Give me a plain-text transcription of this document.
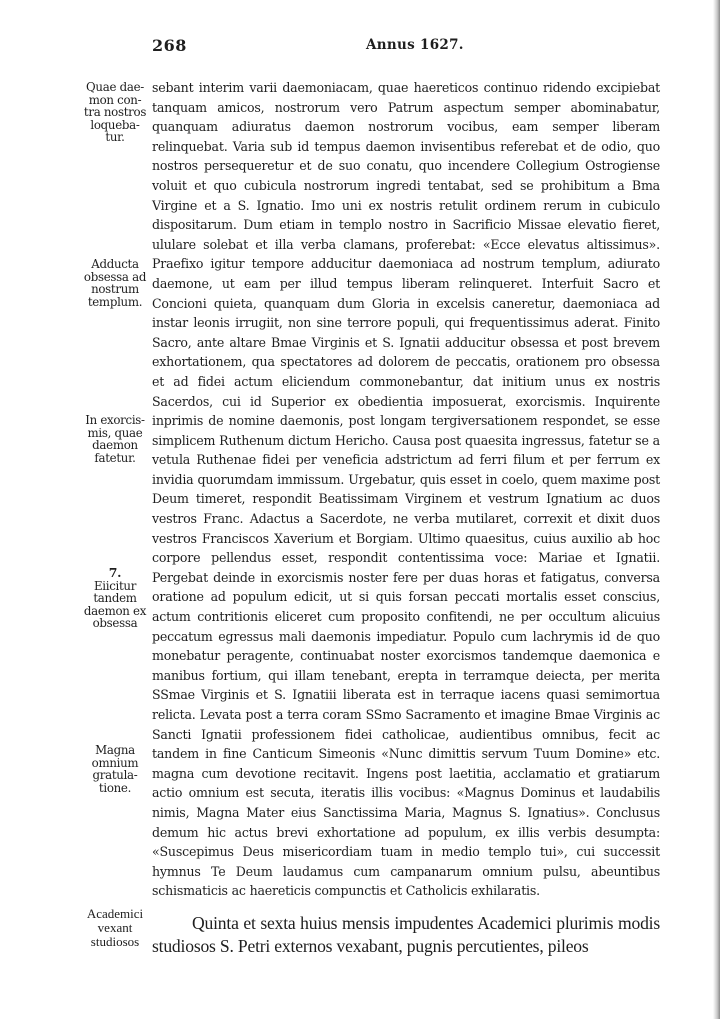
268	Annus 1627.

sebant interim varii daemoniacam, quae haereticos continuo ridendo excipiebat tanquam amicos, nostrorum vero Patrum aspectum semper abominabatur, quanquam adiuratus daemon nostrorum vocibus, eam semper liberam relinquebat. Varia sub id tempus daemon invisentibus referebat et de odio, quo nostros persequeretur et de suo conatu, quo incendere Collegium Ostrogiense voluit et quo cubicula nostrorum ingredi tentabat, sed se prohibitum a Bma Virgine et a S. Ignatio. Imo uni ex nostris retulit ordinem rerum in cubiculo dispositarum. Dum etiam in templo nostro in Sacrificio Missae elevatio fieret, ululare solebat et illa verba clamans, proferebat: «Ecce elevatus altissimus». Praefixo igitur tempore adducitur daemoniaca ad nostrum templum, adiurato daemone, ut eam per illud tempus liberam relinqueret. Interfuit Sacro et Concioni quieta, quanquam dum Gloria in excelsis caneretur, daemoniaca ad instar leonis irrugiit, non sine terrore populi, qui frequentissimus aderat. Finito Sacro, ante altare Bmae Virginis et S. Ignatii adducitur obsessa et post brevem exhortationem, qua spectatores ad dolorem de peccatis, orationem pro obsessa et ad fidei actum eliciendum commonebantur, dat initium unus ex nostris Sacerdos, cui id Superior ex obedientia imposuerat, exorcismis. Inquirente inprimis de nomine daemonis, post longam tergiversationem respondet, se esse simplicem Ruthenum dictum Hericho. Causa post quaesita ingressus, fatetur se a vetula Ruthenae fidei per veneficia adstrictum ad ferri filum et per ferrum ex invidia quorumdam immissum. Urgebatur, quis esset in coelo, quem maxime post Deum timeret, respondit Beatissimam Virginem et vestrum Ignatium ac duos vestros Franc. Adactus a Sacerdote, ne verba mutilaret, correxit et dixit duos vestros Franciscos Xaverium et Borgiam. Ultimo quaesitus, cuius auxilio ab hoc corpore pellendus esset, respondit contentissima voce: Mariae et Ignatii. Pergebat deinde in exorcismis noster fere per duas horas et fatigatus, conversa oratione ad populum edicit, ut si quis forsan peccati mortalis esset conscius, actum contritionis eliceret cum proposito confitendi, ne per occultum alicuius peccatum egressus mali daemonis impediatur. Populo cum lachrymis id de quo monebatur peragente, continuabat noster exorcismos tandemque daemonica e manibus fortium, qui illam tenebant, erepta in terramque deiecta, per merita SSmae Virginis et S. Ignatiii liberata est in terraque iacens quasi semimortua relicta. Levata post a terra coram SSmo Sacramento et imagine Bmae Virginis ac Sancti Ignatii professionem fidei catholicae, audientibus omnibus, fecit ac tandem in fine Canticum Simeonis «Nunc dimittis servum Tuum Domine» etc. magna cum devotione recitavit. Ingens post laetitia, acclamatio et gratiarum actio omnium est secuta, iteratis illis vocibus: «Magnus Dominus et laudabilis nimis, Magna Mater eius Sanctissima Maria, Magnus S. Ignatius». Conclusus demum hic actus brevi exhortatione ad populum, ex illis verbis desumpta: «Suscepimus Deus misericordiam tuam in medio templo tui», cui successit hymnus Te Deum laudamus cum campanarum omnium pulsu, abeuntibus schismaticis ac haereticis compunctis et Catholicis exhilaratis.

Quae dae-
mon con-
tra nostros
loqueba-
tur.
Adducta
obsessa ad
nostrum
templum.
In exorcis-
mis, quae
daemon
fatetur.
7.
Eiicitur
tandem
daemon ex
obsessa
Magna
omnium
gratula-
tione.
Academici
vexant
studiosos

Quinta et sexta huius mensis impudentes Academici plurimis modis studiosos S. Petri externos vexabant, pugnis percutientes, pileos
